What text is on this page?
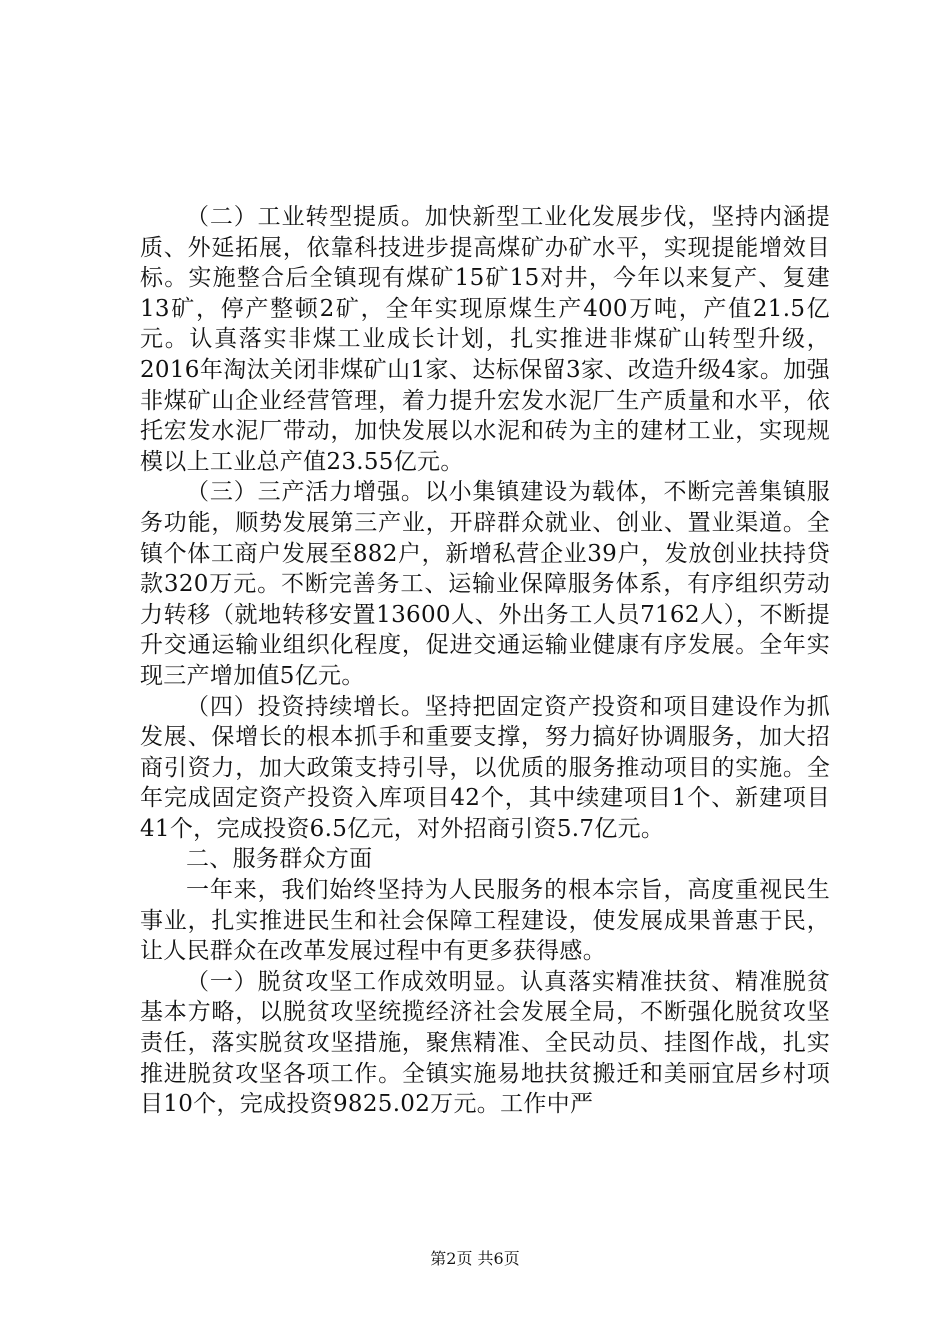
（二）工业转型提质。加快新型工业化发展步伐，坚持内涵提质、外延拓展，依靠科技进步提高煤矿办矿水平，实现提能增效目标。实施整合后全镇现有煤矿15矿15对井，今年以来复产、复建13矿，停产整顿2矿，全年实现原煤生产400万吨，产值21.5亿元。认真落实非煤工业成长计划，扎实推进非煤矿山转型升级，2016年淘汰关闭非煤矿山1家、达标保留3家、改造升级4家。加强非煤矿山企业经营管理，着力提升宏发水泥厂生产质量和水平，依托宏发水泥厂带动，加快发展以水泥和砖为主的建材工业，实现规模以上工业总产值23.55亿元。

（三）三产活力增强。以小集镇建设为载体，不断完善集镇服务功能，顺势发展第三产业，开辟群众就业、创业、置业渠道。全镇个体工商户发展至882户，新增私营企业39户，发放创业扶持贷款320万元。不断完善务工、运输业保障服务体系，有序组织劳动力转移（就地转移安置13600人、外出务工人员7162人），不断提升交通运输业组织化程度，促进交通运输业健康有序发展。全年实现三产增加值5亿元。

（四）投资持续增长。坚持把固定资产投资和项目建设作为抓发展、保增长的根本抓手和重要支撑，努力搞好协调服务，加大招商引资力，加大政策支持引导，以优质的服务推动项目的实施。全年完成固定资产投资入库项目42个，其中续建项目1个、新建项目41个，完成投资6.5亿元，对外招商引资5.7亿元。

二、服务群众方面

一年来，我们始终坚持为人民服务的根本宗旨，高度重视民生事业，扎实推进民生和社会保障工程建设，使发展成果普惠于民，让人民群众在改革发展过程中有更多获得感。

（一）脱贫攻坚工作成效明显。认真落实精准扶贫、精准脱贫基本方略，以脱贫攻坚统揽经济社会发展全局，不断强化脱贫攻坚责任，落实脱贫攻坚措施，聚焦精准、全民动员、挂图作战，扎实推进脱贫攻坚各项工作。全镇实施易地扶贫搬迁和美丽宜居乡村项目10个，完成投资9825.02万元。工作中严

第2页 共6页
